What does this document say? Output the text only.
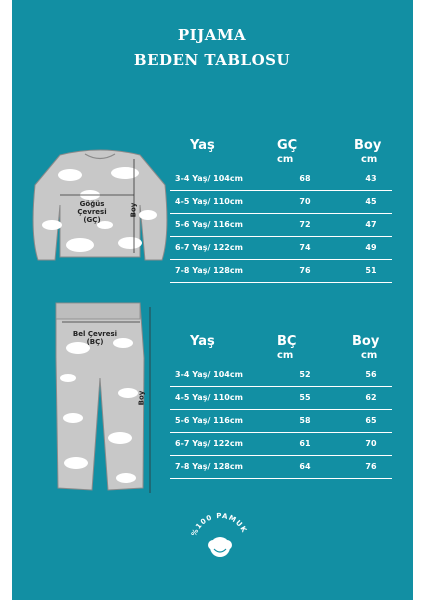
PIJAMA
BEDEN TABLOSU
Göğüs
Çevresi
(GÇ)
Boy
Yaş	GÇ
cm
Boy
cm
3-4 Yaş/ 104cm	68	43
4-5 Yaş/ 110cm	70	45
5-6 Yaş/ 116cm	72	47
6-7 Yaş/ 122cm	74	49
7-8 Yaş/ 128cm	76	51
Bel Çevresi
(BÇ)
Boy
Yaş	BÇ
cm
Boy
cm
3-4 Yaş/ 104cm	52	56
4-5 Yaş/ 110cm	55	62
5-6 Yaş/ 116cm	58	65
6-7 Yaş/ 122cm	61	70
7-8 Yaş/ 128cm	64	76
%100 PAMUK
